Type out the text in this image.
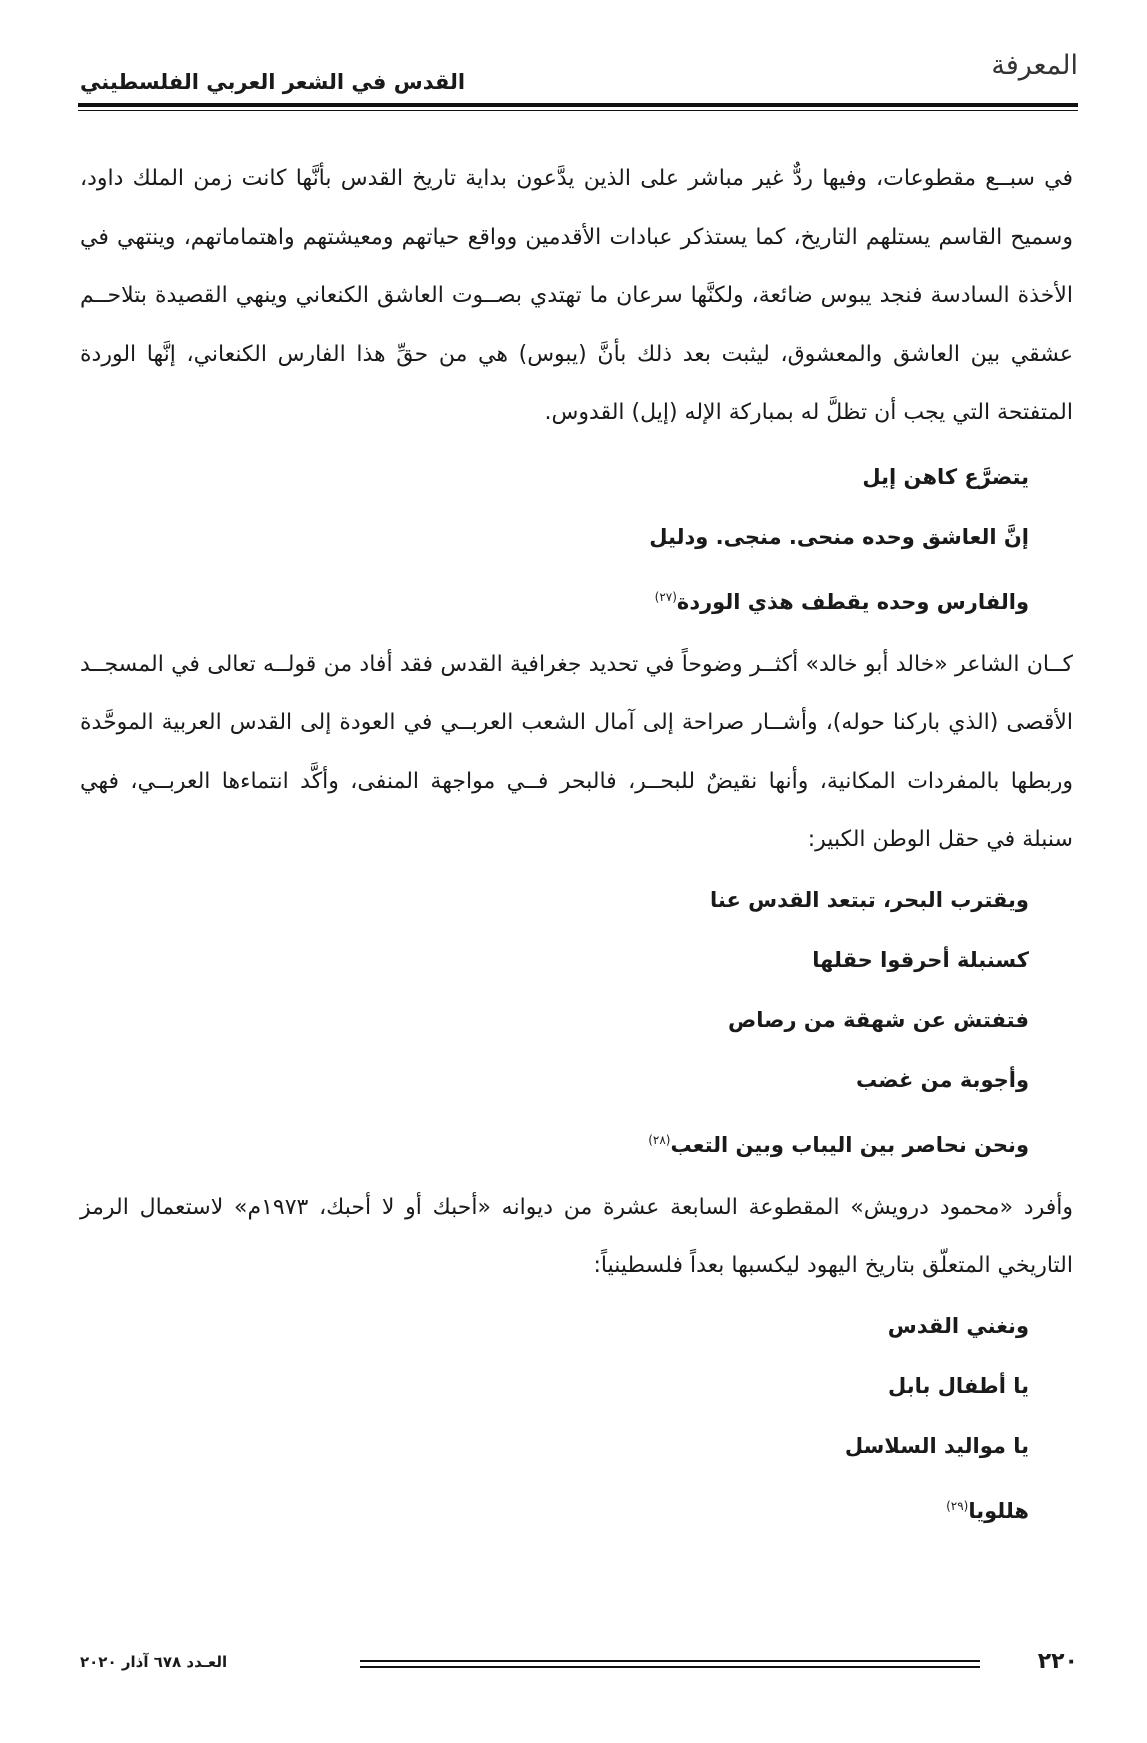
المعرفة
القدس في الشعر العربي الفلسطيني

في سبــع مقطوعات، وفيها ردٌّ غير مباشر على الذين يدَّعون بداية تاريخ القدس بأنَّها كانت زمن الملك داود، وسميح القاسم يستلهم التاريخ، كما يستذكر عبادات الأقدمين وواقع حياتهم ومعيشتهم واهتماماتهم، وينتهي في الأخذة السادسة فنجد يبوس ضائعة، ولكنَّها سرعان ما تهتدي بصــوت العاشق الكنعاني وينهي القصيدة بتلاحــم عشقي بين العاشق والمعشوق، ليثبت بعد ذلك بأنَّ (يبوس) هي من حقِّ هذا الفارس الكنعاني، إنَّها الوردة المتفتحة التي يجب أن تظلَّ له بمباركة الإله (إيل) القدوس.

يتضرَّع كاهن إيل

إنَّ العاشق وحده منحى. منجى. ودليل

والفارس وحده يقطف هذي الوردة$^{(٢٧)}$

كــان الشاعر «خالد أبو خالد» أكثــر وضوحاً في تحديد جغرافية القدس فقد أفاد من قولــه تعالى في المسجــد الأقصى (الذي باركنا حوله)، وأشــار صراحة إلى آمال الشعب العربــي في العودة إلى القدس العربية الموحَّدة وربطها بالمفردات المكانية، وأنها نقيضٌ للبحــر، فالبحر فــي مواجهة المنفى، وأكَّد انتماءها العربــي، فهي سنبلة في حقل الوطن الكبير:

ويقترب البحر، تبتعد القدس عنا

كسنبلة أحرقوا حقلها

فتفتش عن شهقة من رصاص

وأجوبة من غضب

ونحن نحاصر بين اليباب وبين التعب$^{(٢٨)}$

وأفرد «محمود درويش» المقطوعة السابعة عشرة من ديوانه «أحبك أو لا أحبك، ١٩٧٣م» لاستعمال الرمز التاريخي المتعلّق بتاريخ اليهود ليكسبها بعداً فلسطينياً:

ونغني القدس

يا أطفال بابل

يا مواليد السلاسل

هللويا$^{(٢٩)}$

٢٢٠
العـدد ٦٧٨ آذار ٢٠٢٠
